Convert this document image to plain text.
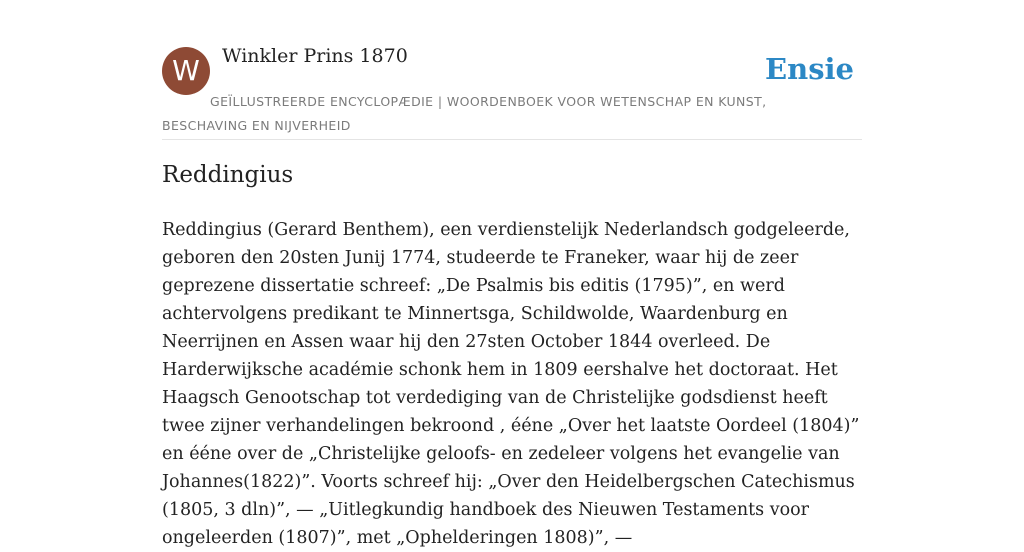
W	Winkler Prins 1870	Ensie
GEÏLLUSTREERDE ENCYCLOPÆDIE | WOORDENBOEK VOOR WETENSCHAP EN KUNST, BESCHAVING EN NIJVERHEID
Reddingius

Reddingius (Gerard Benthem), een verdienstelijk Nederlandsch godgeleerde, geboren den 20sten Junij 1774, studeerde te Franeker, waar hij de zeer geprezene dissertatie schreef: „De Psalmis bis editis (1795)”, en werd achtervolgens predikant te Minnertsga, Schildwolde, Waardenburg en Neerrijnen en Assen waar hij den 27sten October 1844 overleed. De Harderwijksche académie schonk hem in 1809 eershalve het doctoraat. Het Haagsch Genootschap tot verdediging van de Christelijke godsdienst heeft twee zijner verhandelingen bekroond , ééne „Over het laatste Oordeel (1804)” en ééne over de „Christelijke geloofs- en zedeleer volgens het evangelie van Johannes(1822)”. Voorts schreef hij: „Over den Heidelbergschen Catechismus (1805, 3 dln)”, — „Uitlegkundig handboek des Nieuwen Testaments voor ongeleerden (1807)”, met „Ophelderingen 1808)”, —
